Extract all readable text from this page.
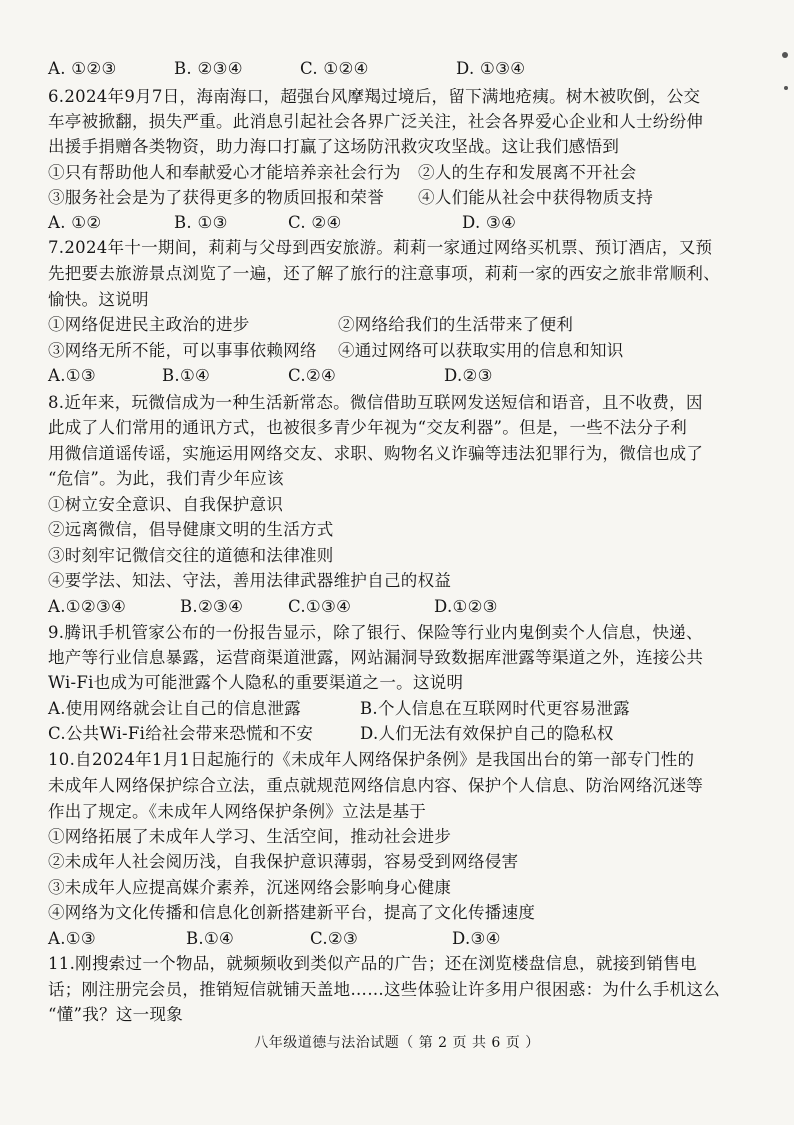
A. ①②③	B. ②③④	C. ①②④	D. ①③④
6.2024年9月7日，海南海口，超强台风摩羯过境后，留下满地疮痍。树木被吹倒，公交
车亭被掀翻，损失严重。此消息引起社会各界广泛关注，社会各界爱心企业和人士纷纷伸
出援手捐赠各类物资，助力海口打赢了这场防汛救灾攻坚战。这让我们感悟到
①只有帮助他人和奉献爱心才能培养亲社会行为 ②人的生存和发展离不开社会
③服务社会是为了获得更多的物质回报和荣誉 ④人们能从社会中获得物质支持
A. ①②	B. ①③	C. ②④	D. ③④
7.2024年十一期间，莉莉与父母到西安旅游。莉莉一家通过网络买机票、预订酒店，又预
先把要去旅游景点浏览了一遍，还了解了旅行的注意事项，莉莉一家的西安之旅非常顺利、
愉快。这说明
①网络促进民主政治的进步	②网络给我们的生活带来了便利
③网络无所不能，可以事事依赖网络 ④通过网络可以获取实用的信息和知识
A.①③	B.①④	C.②④	D.②③
8.近年来，玩微信成为一种生活新常态。微信借助互联网发送短信和语音，且不收费，因
此成了人们常用的通讯方式，也被很多青少年视为“交友利器”。但是，一些不法分子利
用微信道谣传谣，实施运用网络交友、求职、购物名义诈骗等违法犯罪行为，微信也成了
“危信”。为此，我们青少年应该
①树立安全意识、自我保护意识
②远离微信，倡导健康文明的生活方式
③时刻牢记微信交往的道德和法律准则
④要学法、知法、守法，善用法律武器维护自己的权益
A.①②③④	B.②③④	C.①③④	D.①②③
9.腾讯手机管家公布的一份报告显示，除了银行、保险等行业内鬼倒卖个人信息，快递、
地产等行业信息暴露，运营商渠道泄露，网站漏洞导致数据库泄露等渠道之外，连接公共
Wi-Fi也成为可能泄露个人隐私的重要渠道之一。这说明
A.使用网络就会让自己的信息泄露	B.个人信息在互联网时代更容易泄露
C.公共Wi-Fi给社会带来恐慌和不安	D.人们无法有效保护自己的隐私权
10.自2024年1月1日起施行的《未成年人网络保护条例》是我国出台的第一部专门性的
未成年人网络保护综合立法，重点就规范网络信息内容、保护个人信息、防治网络沉迷等
作出了规定。《未成年人网络保护条例》立法是基于
①网络拓展了未成年人学习、生活空间，推动社会进步
②未成年人社会阅历浅，自我保护意识薄弱，容易受到网络侵害
③未成年人应提高媒介素养，沉迷网络会影响身心健康
④网络为文化传播和信息化创新搭建新平台，提高了文化传播速度
A.①③	B.①④	C.②③	D.③④
11.刚搜索过一个物品，就频频收到类似产品的广告；还在浏览楼盘信息，就接到销售电
话；刚注册完会员，推销短信就铺天盖地……这些体验让许多用户很困惑：为什么手机这么
“懂”我？这一现象
八年级道德与法治试题（ 第 2 页 共 6 页 ）
